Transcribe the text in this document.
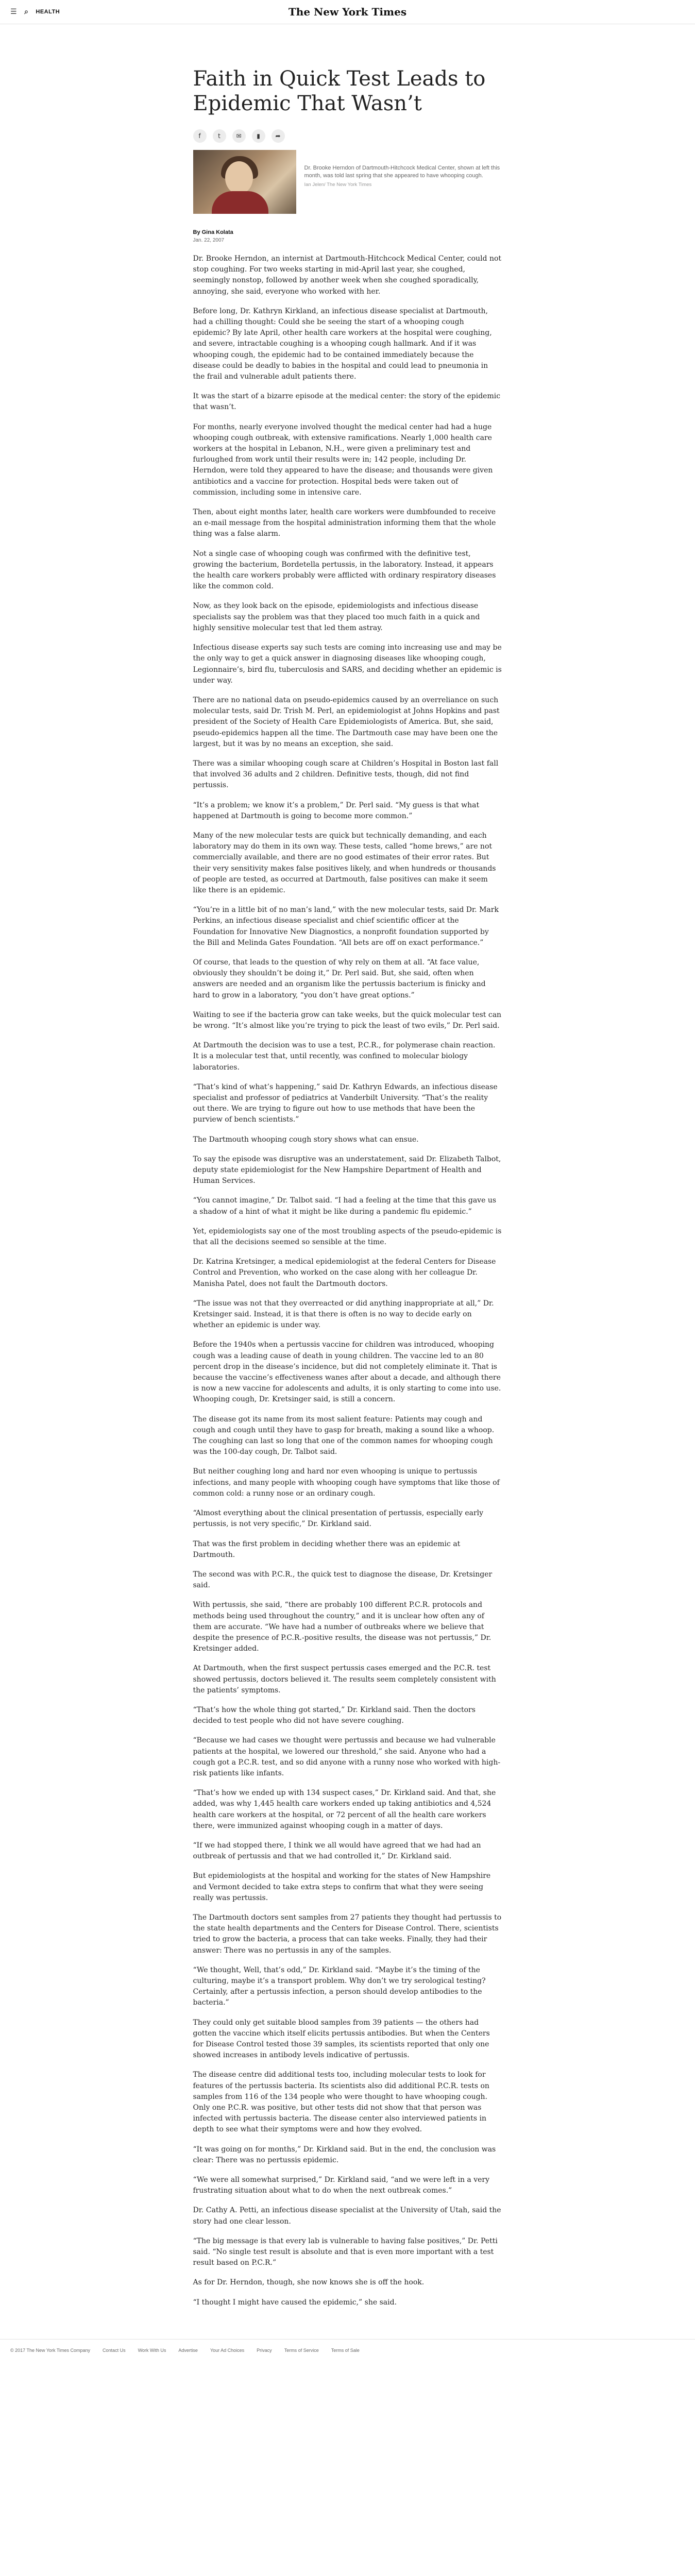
☰ ⌕ HEALTH	The New York Times
Faith in Quick Test Leads to Epidemic That Wasn’t
f	t	✉	▮	➦
Dr. Brooke Herndon of Dartmouth-Hitchcock Medical Center, shown at left this month, was told last spring that she appeared to have whooping cough.
Ian Jelen/ The New York Times

By Gina Kolata

Jan. 22, 2007

Dr. Brooke Herndon, an internist at Dartmouth-Hitchcock Medical Center, could not stop coughing. For two weeks starting in mid-April last year, she coughed, seemingly nonstop, followed by another week when she coughed sporadically, annoying, she said, everyone who worked with her.

Before long, Dr. Kathryn Kirkland, an infectious disease specialist at Dartmouth, had a chilling thought: Could she be seeing the start of a whooping cough epidemic? By late April, other health care workers at the hospital were coughing, and severe, intractable coughing is a whooping cough hallmark. And if it was whooping cough, the epidemic had to be contained immediately because the disease could be deadly to babies in the hospital and could lead to pneumonia in the frail and vulnerable adult patients there.

It was the start of a bizarre episode at the medical center: the story of the epidemic that wasn’t.

For months, nearly everyone involved thought the medical center had had a huge whooping cough outbreak, with extensive ramifications. Nearly 1,000 health care workers at the hospital in Lebanon, N.H., were given a preliminary test and furloughed from work until their results were in; 142 people, including Dr. Herndon, were told they appeared to have the disease; and thousands were given antibiotics and a vaccine for protection. Hospital beds were taken out of commission, including some in intensive care.

Then, about eight months later, health care workers were dumbfounded to receive an e-mail message from the hospital administration informing them that the whole thing was a false alarm.

Not a single case of whooping cough was confirmed with the definitive test, growing the bacterium, Bordetella pertussis, in the laboratory. Instead, it appears the health care workers probably were afflicted with ordinary respiratory diseases like the common cold.

Now, as they look back on the episode, epidemiologists and infectious disease specialists say the problem was that they placed too much faith in a quick and highly sensitive molecular test that led them astray.

Infectious disease experts say such tests are coming into increasing use and may be the only way to get a quick answer in diagnosing diseases like whooping cough, Legionnaire’s, bird flu, tuberculosis and SARS, and deciding whether an epidemic is under way.

There are no national data on pseudo-epidemics caused by an overreliance on such molecular tests, said Dr. Trish M. Perl, an epidemiologist at Johns Hopkins and past president of the Society of Health Care Epidemiologists of America. But, she said, pseudo-epidemics happen all the time. The Dartmouth case may have been one the largest, but it was by no means an exception, she said.

There was a similar whooping cough scare at Children’s Hospital in Boston last fall that involved 36 adults and 2 children. Definitive tests, though, did not find pertussis.

“It’s a problem; we know it’s a problem,” Dr. Perl said. “My guess is that what happened at Dartmouth is going to become more common.”

Many of the new molecular tests are quick but technically demanding, and each laboratory may do them in its own way. These tests, called “home brews,” are not commercially available, and there are no good estimates of their error rates. But their very sensitivity makes false positives likely, and when hundreds or thousands of people are tested, as occurred at Dartmouth, false positives can make it seem like there is an epidemic.

“You’re in a little bit of no man’s land,” with the new molecular tests, said Dr. Mark Perkins, an infectious disease specialist and chief scientific officer at the Foundation for Innovative New Diagnostics, a nonprofit foundation supported by the Bill and Melinda Gates Foundation. “All bets are off on exact performance.”

Of course, that leads to the question of why rely on them at all. “At face value, obviously they shouldn’t be doing it,” Dr. Perl said. But, she said, often when answers are needed and an organism like the pertussis bacterium is finicky and hard to grow in a laboratory, “you don’t have great options.”

Waiting to see if the bacteria grow can take weeks, but the quick molecular test can be wrong. “It’s almost like you’re trying to pick the least of two evils,” Dr. Perl said.

At Dartmouth the decision was to use a test, P.C.R., for polymerase chain reaction. It is a molecular test that, until recently, was confined to molecular biology laboratories.

“That’s kind of what’s happening,” said Dr. Kathryn Edwards, an infectious disease specialist and professor of pediatrics at Vanderbilt University. “That’s the reality out there. We are trying to figure out how to use methods that have been the purview of bench scientists.”

The Dartmouth whooping cough story shows what can ensue.

To say the episode was disruptive was an understatement, said Dr. Elizabeth Talbot, deputy state epidemiologist for the New Hampshire Department of Health and Human Services.

“You cannot imagine,” Dr. Talbot said. “I had a feeling at the time that this gave us a shadow of a hint of what it might be like during a pandemic flu epidemic.”

Yet, epidemiologists say one of the most troubling aspects of the pseudo-epidemic is that all the decisions seemed so sensible at the time.

Dr. Katrina Kretsinger, a medical epidemiologist at the federal Centers for Disease Control and Prevention, who worked on the case along with her colleague Dr. Manisha Patel, does not fault the Dartmouth doctors.

“The issue was not that they overreacted or did anything inappropriate at all,” Dr. Kretsinger said. Instead, it is that there is often is no way to decide early on whether an epidemic is under way.

Before the 1940s when a pertussis vaccine for children was introduced, whooping cough was a leading cause of death in young children. The vaccine led to an 80 percent drop in the disease’s incidence, but did not completely eliminate it. That is because the vaccine’s effectiveness wanes after about a decade, and although there is now a new vaccine for adolescents and adults, it is only starting to come into use. Whooping cough, Dr. Kretsinger said, is still a concern.

The disease got its name from its most salient feature: Patients may cough and cough and cough until they have to gasp for breath, making a sound like a whoop. The coughing can last so long that one of the common names for whooping cough was the 100-day cough, Dr. Talbot said.

But neither coughing long and hard nor even whooping is unique to pertussis infections, and many people with whooping cough have symptoms that like those of common cold: a runny nose or an ordinary cough.

“Almost everything about the clinical presentation of pertussis, especially early pertussis, is not very specific,” Dr. Kirkland said.

That was the first problem in deciding whether there was an epidemic at Dartmouth.

The second was with P.C.R., the quick test to diagnose the disease, Dr. Kretsinger said.

With pertussis, she said, “there are probably 100 different P.C.R. protocols and methods being used throughout the country,” and it is unclear how often any of them are accurate. “We have had a number of outbreaks where we believe that despite the presence of P.C.R.-positive results, the disease was not pertussis,” Dr. Kretsinger added.

At Dartmouth, when the first suspect pertussis cases emerged and the P.C.R. test showed pertussis, doctors believed it. The results seem completely consistent with the patients’ symptoms.

“That’s how the whole thing got started,” Dr. Kirkland said. Then the doctors decided to test people who did not have severe coughing.

“Because we had cases we thought were pertussis and because we had vulnerable patients at the hospital, we lowered our threshold,” she said. Anyone who had a cough got a P.C.R. test, and so did anyone with a runny nose who worked with high-risk patients like infants.

“That’s how we ended up with 134 suspect cases,” Dr. Kirkland said. And that, she added, was why 1,445 health care workers ended up taking antibiotics and 4,524 health care workers at the hospital, or 72 percent of all the health care workers there, were immunized against whooping cough in a matter of days.

“If we had stopped there, I think we all would have agreed that we had had an outbreak of pertussis and that we had controlled it,” Dr. Kirkland said.

But epidemiologists at the hospital and working for the states of New Hampshire and Vermont decided to take extra steps to confirm that what they were seeing really was pertussis.

The Dartmouth doctors sent samples from 27 patients they thought had pertussis to the state health departments and the Centers for Disease Control. There, scientists tried to grow the bacteria, a process that can take weeks. Finally, they had their answer: There was no pertussis in any of the samples.

“We thought, Well, that’s odd,” Dr. Kirkland said. “Maybe it’s the timing of the culturing, maybe it’s a transport problem. Why don’t we try serological testing? Certainly, after a pertussis infection, a person should develop antibodies to the bacteria.”

They could only get suitable blood samples from 39 patients — the others had gotten the vaccine which itself elicits pertussis antibodies. But when the Centers for Disease Control tested those 39 samples, its scientists reported that only one showed increases in antibody levels indicative of pertussis.

The disease centre did additional tests too, including molecular tests to look for features of the pertussis bacteria. Its scientists also did additional P.C.R. tests on samples from 116 of the 134 people who were thought to have whooping cough. Only one P.C.R. was positive, but other tests did not show that that person was infected with pertussis bacteria. The disease center also interviewed patients in depth to see what their symptoms were and how they evolved.

“It was going on for months,” Dr. Kirkland said. But in the end, the conclusion was clear: There was no pertussis epidemic.

“We were all somewhat surprised,” Dr. Kirkland said, “and we were left in a very frustrating situation about what to do when the next outbreak comes.”

Dr. Cathy A. Petti, an infectious disease specialist at the University of Utah, said the story had one clear lesson.

“The big message is that every lab is vulnerable to having false positives,” Dr. Petti said. “No single test result is absolute and that is even more important with a test result based on P.C.R.”

As for Dr. Herndon, though, she now knows she is off the hook.

“I thought I might have caused the epidemic,” she said.

© 2017 The New York Times Company	Contact Us	Work With Us	Advertise	Your Ad Choices	Privacy	Terms of Service	Terms of Sale
